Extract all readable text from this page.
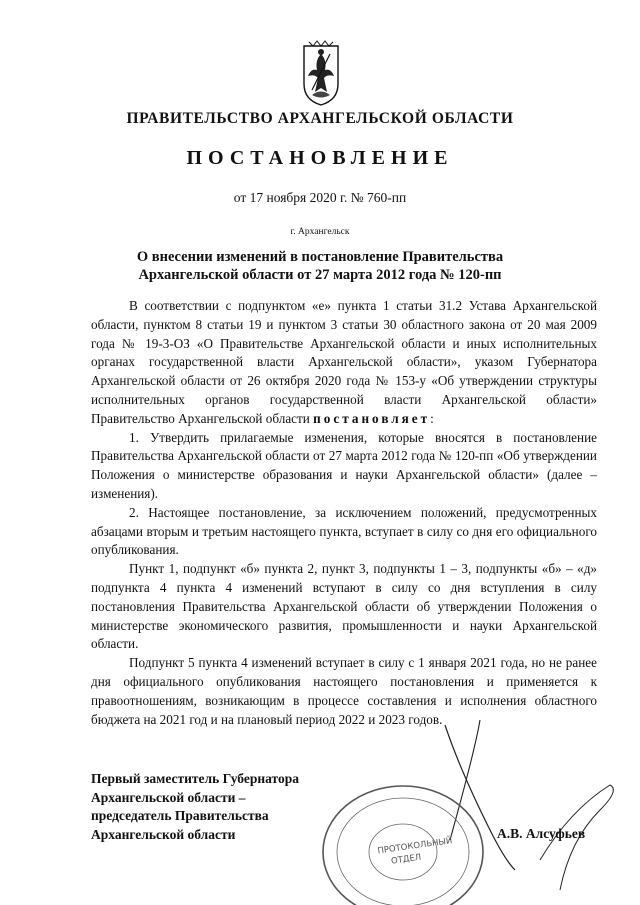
ПРАВИТЕЛЬСТВО АРХАНГЕЛЬСКОЙ ОБЛАСТИ
ПОСТАНОВЛЕНИЕ
от 17 ноября 2020 г. № 760-пп
г. Архангельск
О внесении изменений в постановление Правительства
Архангельской области от 27 марта 2012 года № 120-пп

В соответствии с подпунктом «е» пункта 1 статьи 31.2 Устава Архангельской области, пунктом 8 статьи 19 и пунктом 3 статьи 30 областного закона от 20 мая 2009 года № 19-3-ОЗ «О Правительстве Архангельской области и иных исполнительных органах государственной власти Архангельской области», указом Губернатора Архангельской области от 26 октября 2020 года № 153-у «Об утверждении структуры исполнительных органов государственной власти Архангельской области» Правительство Архангельской области постановляет:

1. Утвердить прилагаемые изменения, которые вносятся в постановление Правительства Архангельской области от 27 марта 2012 года № 120-пп «Об утверждении Положения о министерстве образования и науки Архангельской области» (далее – изменения).

2. Настоящее постановление, за исключением положений, предусмотренных абзацами вторым и третьим настоящего пункта, вступает в силу со дня его официального опубликования.

Пункт 1, подпункт «б» пункта 2, пункт 3, подпункты 1 – 3, подпункты «б» – «д» подпункта 4 пункта 4 изменений вступают в силу со дня вступления в силу постановления Правительства Архангельской области об утверждении Положения о министерстве экономического развития, промышленности и науки Архангельской области.

Подпункт 5 пункта 4 изменений вступает в силу с 1 января 2021 года, но не ранее дня официального опубликования настоящего постановления и применяется к правоотношениям, возникающим в процессе составления и исполнения областного бюджета на 2021 год и на плановый период 2022 и 2023 годов.

ПРОТОКОЛЬНЫЙ
ОТДЕЛ
Первый заместитель Губернатора
Архангельской области –
председатель Правительства
Архангельской области	А.В. Алсуфьев
